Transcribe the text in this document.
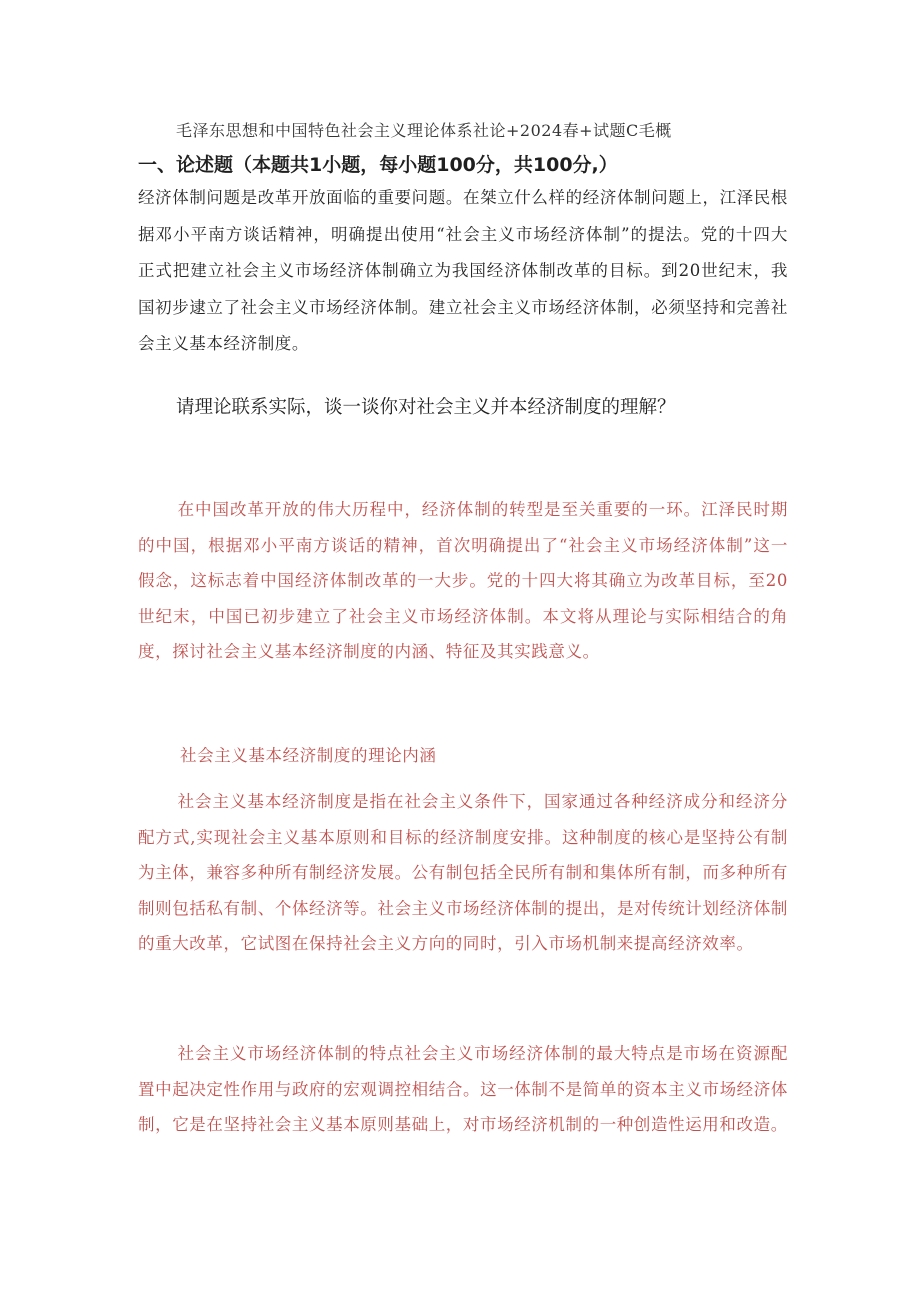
毛泽东思想和中国特色社会主义理论体系社论+2024春+试题C毛概
一、论述题（本题共1小题，每小题100分，共100分,）

经济体制问题是改革开放面临的重要问题。在桀立什么样的经济体制问题上，江泽民根据邓小平南方谈话精神，明确提出使用“社会主义市场经济体制”的提法。党的十四大正式把建立社会主义市场经济体制确立为我国经济体制改革的目标。到20世纪末，我国初步逮立了社会主义市场经济体制。建立社会主义市场经济体制，必须坚持和完善社会主义基本经济制度。

请理论联系实际，谈一谈你对社会主义并本经济制度的理解？

在中国改革开放的伟大历程中，经济体制的转型是至关重要的一环。江泽民时期的中国，根据邓小平南方谈话的精神，首次明确提出了“社会主义市场经济体制”这一假念，这标志着中国经济体制改革的一大步。党的十四大将其确立为改革目标，至20世纪末，中国已初步建立了社会主义市场经济体制。本文将从理论与实际相结合的角度，探讨社会主义基本经济制度的内涵、特征及其实践意义。

社会主义基本经济制度的理论内涵

社会主义基本经济制度是指在社会主义条件下，国家通过各种经济成分和经济分配方式,实现社会主义基本原则和目标的经济制度安排。这种制度的核心是坚持公有制为主体，兼容多种所有制经济发展。公有制包括全民所有制和集体所有制，而多种所有制则包括私有制、个体经济等。社会主义市场经济体制的提出，是对传统计划经济体制的重大改革，它试图在保持社会主义方向的同时，引入市场机制来提高经济效率。

社会主义市场经济体制的特点社会主义市场经济体制的最大特点是市场在资源配置中起决定性作用与政府的宏观调控相结合。这一体制不是简单的资本主义市场经济体制，它是在坚持社会主义基本原则基础上，对市场经济机制的一种创造性运用和改造。
